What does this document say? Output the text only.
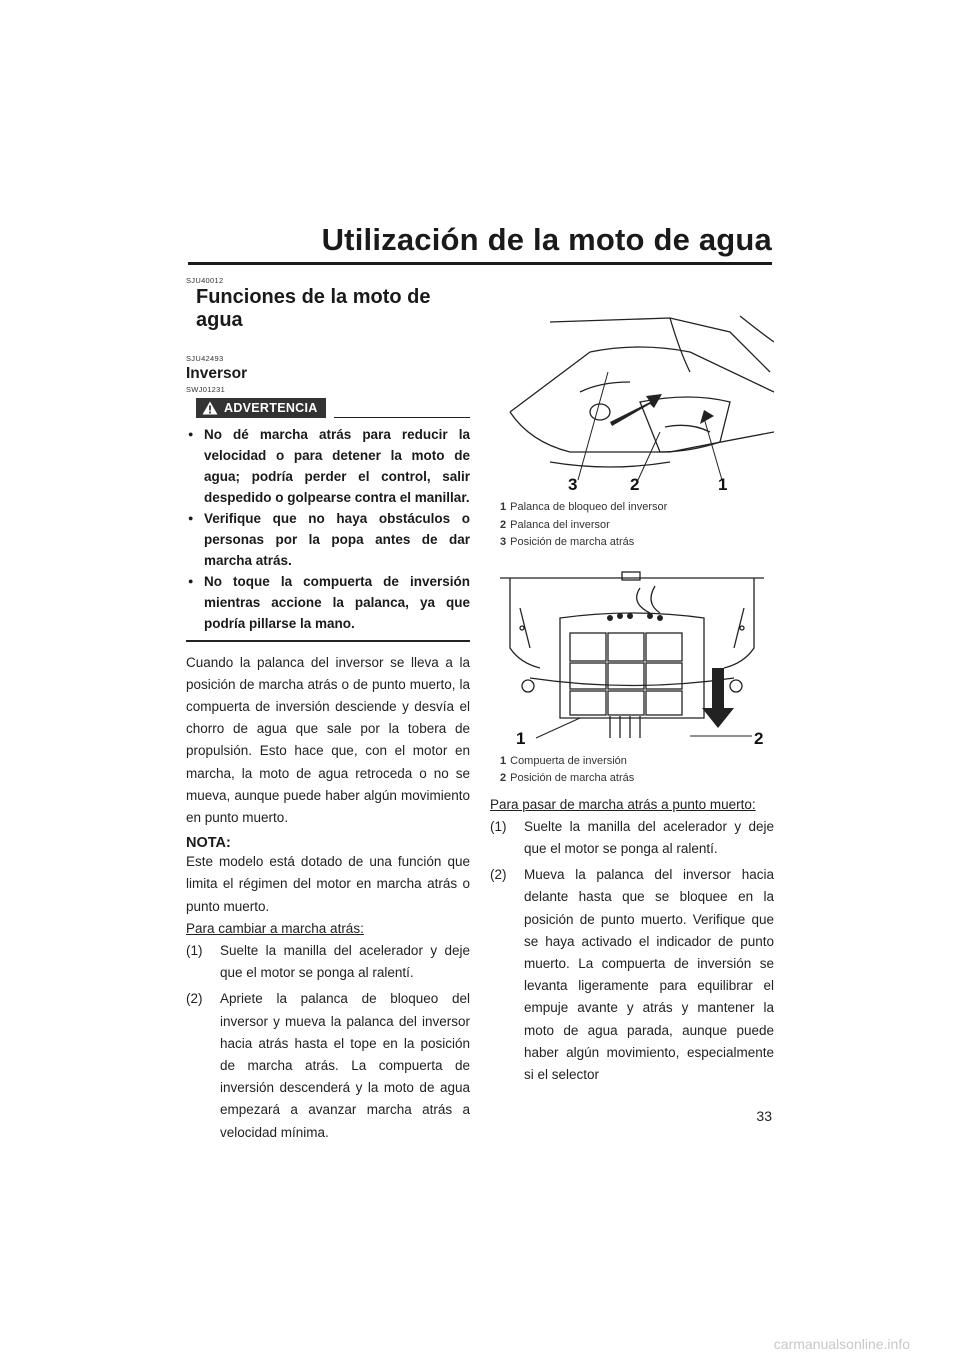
Utilización de la moto de agua
SJU40012
Funciones de la moto de agua
SJU42493
Inversor
SWJ01231
ADVERTENCIA
● No dé marcha atrás para reducir la velocidad o para detener la moto de agua; podría perder el control, salir despedido o golpearse contra el manillar.
● Verifique que no haya obstáculos o personas por la popa antes de dar marcha atrás.
● No toque la compuerta de inversión mientras accione la palanca, ya que podría pillarse la mano.

Cuando la palanca del inversor se lleva a la posición de marcha atrás o de punto muerto, la compuerta de inversión desciende y desvía el chorro de agua que sale por la tobera de propulsión. Esto hace que, con el motor en marcha, la moto de agua retroceda o no se mueva, aunque puede haber algún movimiento en punto muerto.

NOTA:

Este modelo está dotado de una función que limita el régimen del motor en marcha atrás o punto muerto.

Para cambiar a marcha atrás:
(1) Suelte la manilla del acelerador y deje que el motor se ponga al ralentí.
(2) Apriete la palanca de bloqueo del inversor y mueva la palanca del inversor hacia atrás hasta el tope en la posición de marcha atrás. La compuerta de inversión descenderá y la moto de agua empezará a avanzar marcha atrás a velocidad mínima.
3	2	1
1 Palanca de bloqueo del inversor
2 Palanca del inversor
3 Posición de marcha atrás
1	2
1 Compuerta de inversión
2 Posición de marcha atrás
Para pasar de marcha atrás a punto muerto:
(1) Suelte la manilla del acelerador y deje que el motor se ponga al ralentí.
(2) Mueva la palanca del inversor hacia delante hasta que se bloquee en la posición de punto muerto. Verifique que se haya activado el indicador de punto muerto. La compuerta de inversión se levanta ligeramente para equilibrar el empuje avante y atrás y mantener la moto de agua parada, aunque puede haber algún movimiento, especialmente si el selector
33
carmanualsonline.info
